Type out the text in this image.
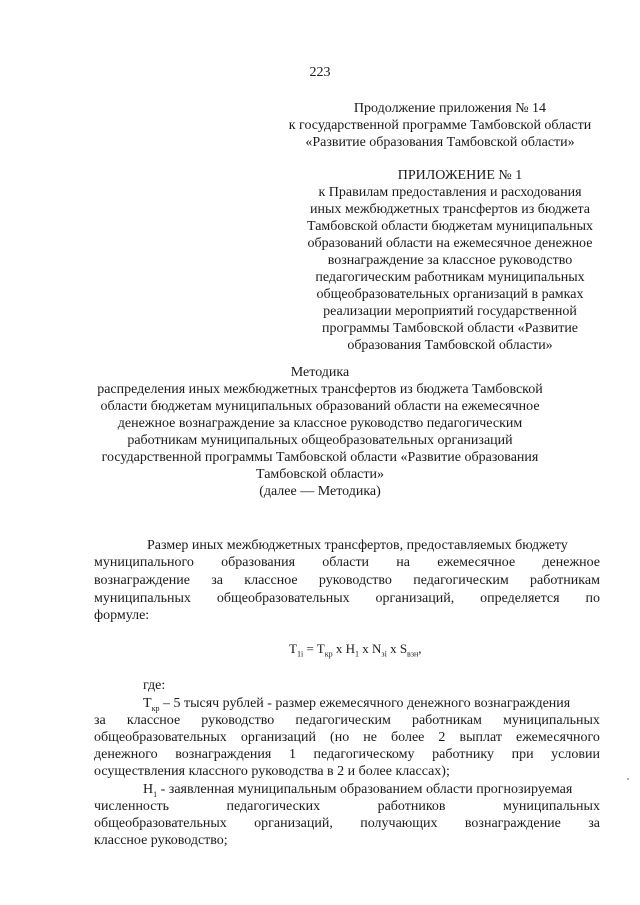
223
Продолжение приложения № 14
к государственной программе Тамбовской области
«Развитие образования Тамбовской области»
ПРИЛОЖЕНИЕ № 1
к Правилам предоставления и расходования
иных межбюджетных трансфертов из бюджета
Тамбовской области бюджетам муниципальных
образований области на ежемесячное денежное
вознаграждение за классное руководство
педагогическим работникам муниципальных
общеобразовательных организаций в рамках
реализации мероприятий государственной
программы Тамбовской области «Развитие
образования Тамбовской области»
Методика
распределения иных межбюджетных трансфертов из бюджета Тамбовской
области бюджетам муниципальных образований области на ежемесячное
денежное вознаграждение за классное руководство педагогическим
работникам муниципальных общеобразовательных организаций
государственной программы Тамбовской области «Развитие образования
Тамбовской области»
(далее — Методика)
Размер иных межбюджетных трансфертов, предоставляемых бюджету
муниципального образования области на ежемесячное денежное
вознаграждение за классное руководство педагогическим работникам
муниципальных общеобразовательных организаций, определяется по
формуле:
$T_{1i} = T_{кр}$ x $H_1$ x $N_{зi}$ x $S_{взн}$,
где:
$T_{кр} - 5$ тысяч рублей - размер ежемесячного денежного вознаграждения
за классное руководство педагогическим работникам муниципальных
общеобразовательных организаций (но не более 2 выплат ежемесячного
денежного вознаграждения 1 педагогическому работнику при условии
осуществления классного руководства в 2 и более классах);
$H_1$ - заявленная муниципальным образованием области прогнозируемая
численность	педагогических	работников	муниципальных
общеобразовательных организаций, получающих вознаграждение за
классное руководство;
